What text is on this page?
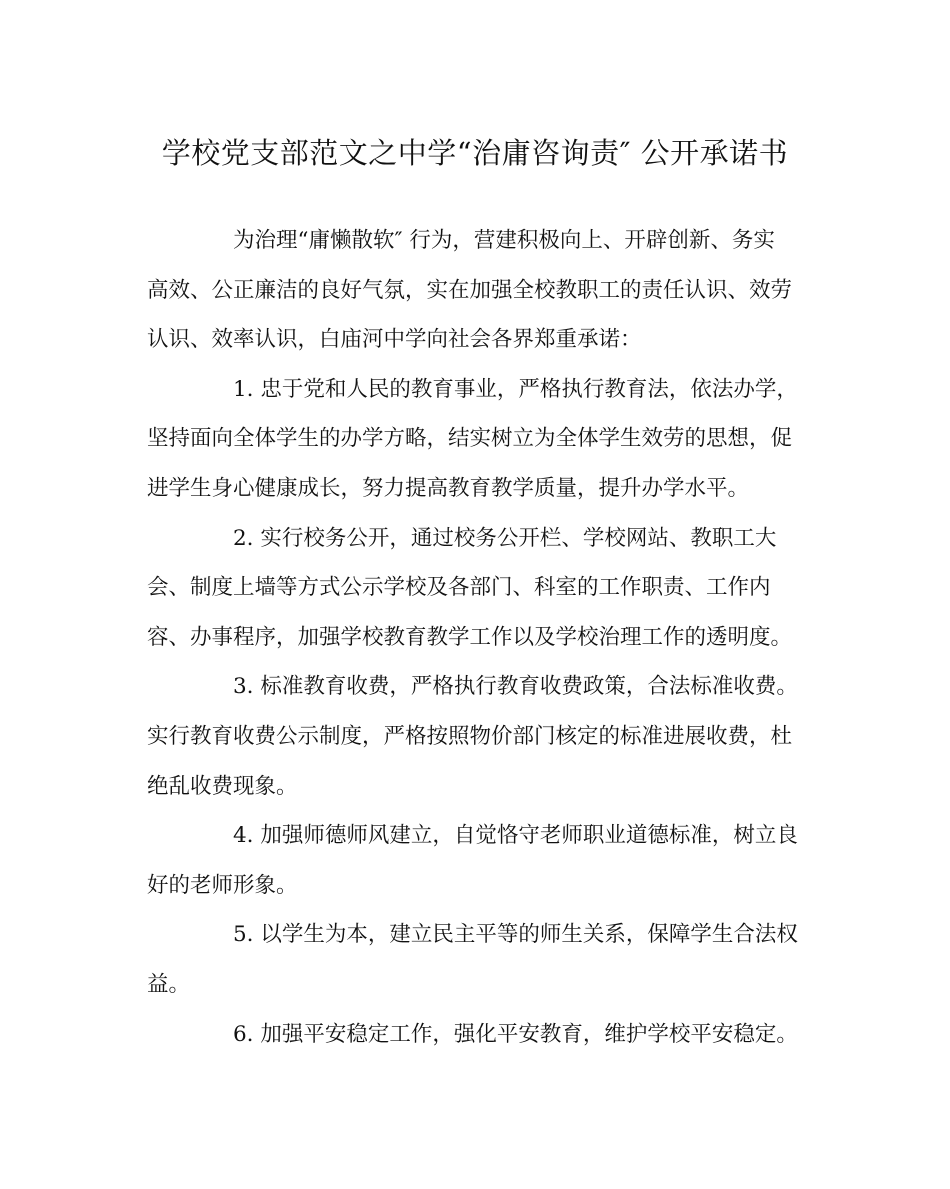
学校党支部范文之中学“治庸咨询责″ 公开承诺书

为治理“庸懒散软″ 行为，营建积极向上、开辟创新、务实
高效、公正廉洁的良好气氛，实在加强全校教职工的责任认识、效劳
认识、效率认识，白庙河中学向社会各界郑重承诺：

1. 忠于党和人民的教育事业，严格执行教育法，依法办学，
坚持面向全体学生的办学方略，结实树立为全体学生效劳的思想，促
进学生身心健康成长，努力提高教育教学质量，提升办学水平。

2. 实行校务公开，通过校务公开栏、学校网站、教职工大
会、制度上墙等方式公示学校及各部门、科室的工作职责、工作内
容、办事程序，加强学校教育教学工作以及学校治理工作的透明度。

3. 标准教育收费，严格执行教育收费政策，合法标准收费。
实行教育收费公示制度，严格按照物价部门核定的标准进展收费，杜
绝乱收费现象。

4. 加强师德师风建立，自觉恪守老师职业道德标准，树立良
好的老师形象。

5. 以学生为本，建立民主平等的师生关系，保障学生合法权
益。

6. 加强平安稳定工作，强化平安教育，维护学校平安稳定。
